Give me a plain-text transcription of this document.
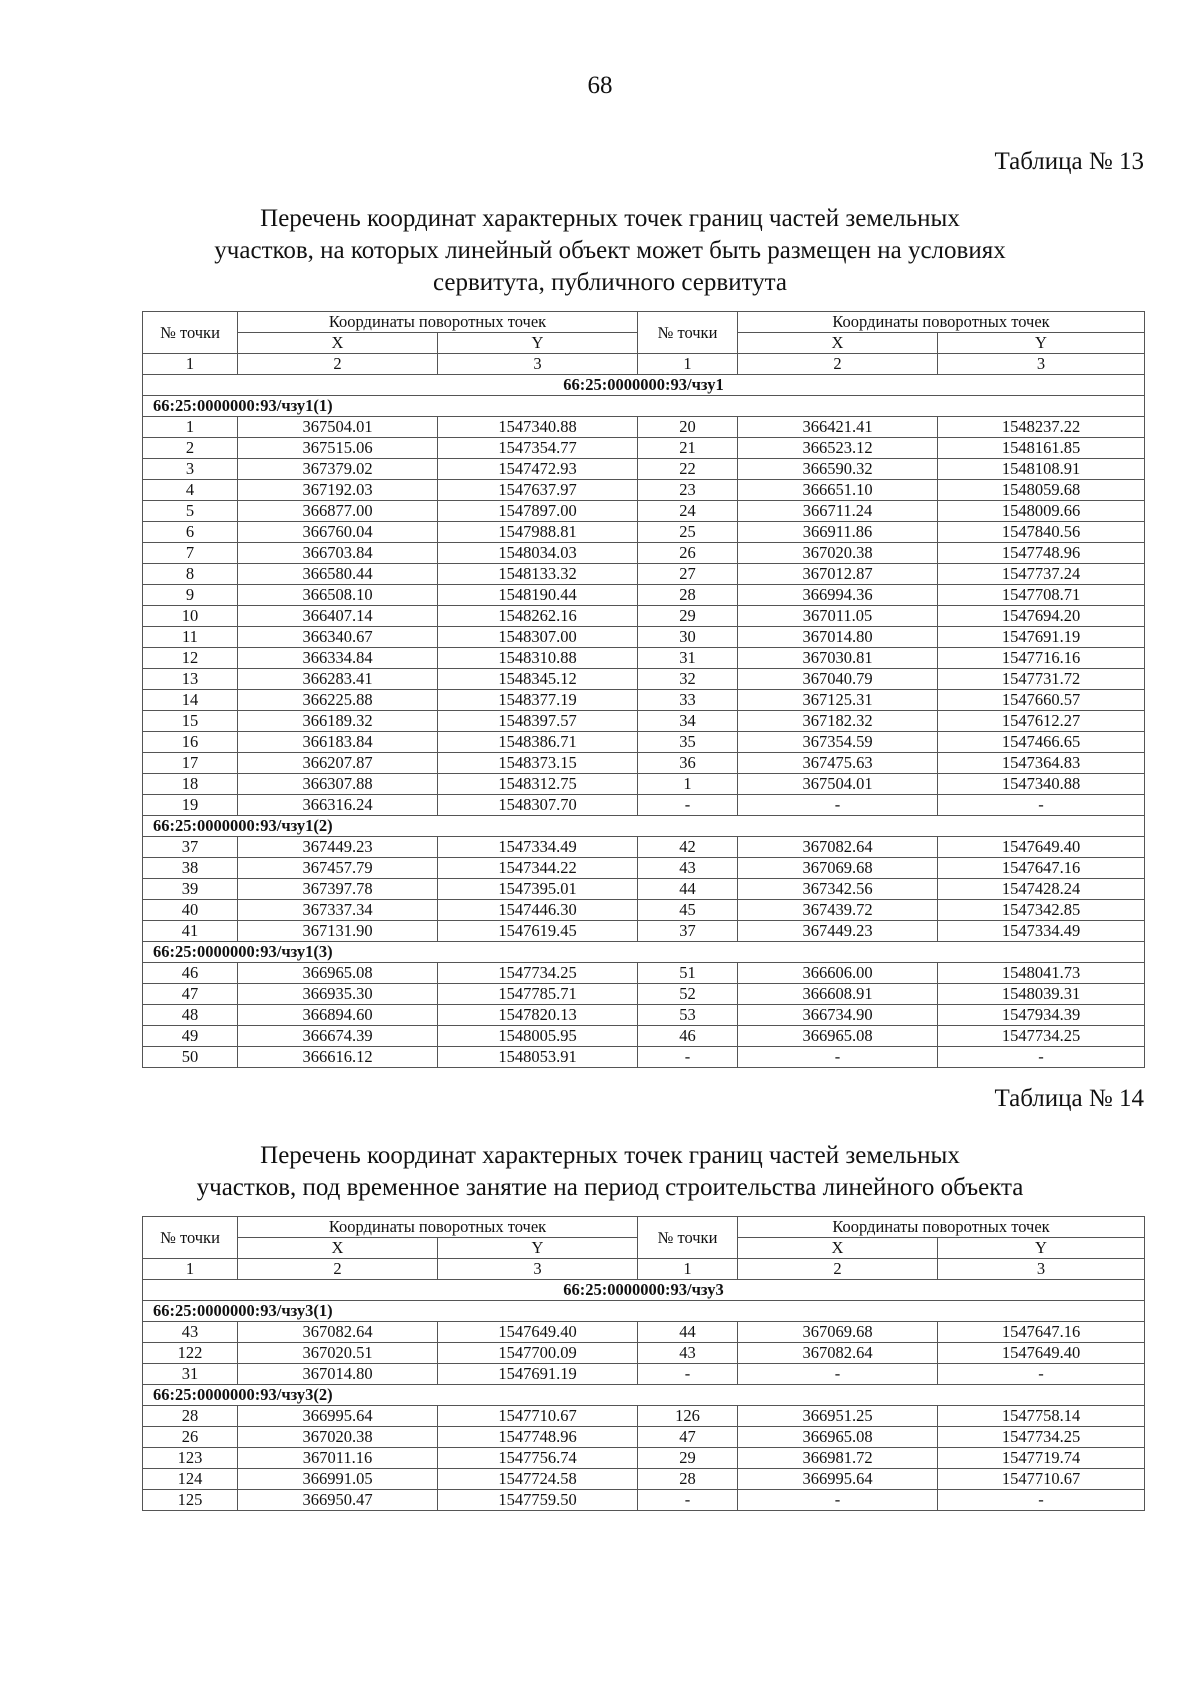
68
Таблица № 13
Перечень координат характерных точек границ частей земельных
участков, на которых линейный объект может быть размещен на условиях
сервитута, публичного сервитута
№ точки	Координаты поворотных точек		№ точки	Координаты поворотных точек	
	X	Y		X	Y
1	2	3	1	2	3
66:25:0000000:93/чзу1					
66:25:0000000:93/чзу1(1)					
1	367504.01	1547340.88	20	366421.41	1548237.22
2	367515.06	1547354.77	21	366523.12	1548161.85
3	367379.02	1547472.93	22	366590.32	1548108.91
4	367192.03	1547637.97	23	366651.10	1548059.68
5	366877.00	1547897.00	24	366711.24	1548009.66
6	366760.04	1547988.81	25	366911.86	1547840.56
7	366703.84	1548034.03	26	367020.38	1547748.96
8	366580.44	1548133.32	27	367012.87	1547737.24
9	366508.10	1548190.44	28	366994.36	1547708.71
10	366407.14	1548262.16	29	367011.05	1547694.20
11	366340.67	1548307.00	30	367014.80	1547691.19
12	366334.84	1548310.88	31	367030.81	1547716.16
13	366283.41	1548345.12	32	367040.79	1547731.72
14	366225.88	1548377.19	33	367125.31	1547660.57
15	366189.32	1548397.57	34	367182.32	1547612.27
16	366183.84	1548386.71	35	367354.59	1547466.65
17	366207.87	1548373.15	36	367475.63	1547364.83
18	366307.88	1548312.75	1	367504.01	1547340.88
19	366316.24	1548307.70	-	-	-
66:25:0000000:93/чзу1(2)					
37	367449.23	1547334.49	42	367082.64	1547649.40
38	367457.79	1547344.22	43	367069.68	1547647.16
39	367397.78	1547395.01	44	367342.56	1547428.24
40	367337.34	1547446.30	45	367439.72	1547342.85
41	367131.90	1547619.45	37	367449.23	1547334.49
66:25:0000000:93/чзу1(3)					
46	366965.08	1547734.25	51	366606.00	1548041.73
47	366935.30	1547785.71	52	366608.91	1548039.31
48	366894.60	1547820.13	53	366734.90	1547934.39
49	366674.39	1548005.95	46	366965.08	1547734.25
50	366616.12	1548053.91	-	-	-
Таблица № 14
Перечень координат характерных точек границ частей земельных
участков, под временное занятие на период строительства линейного объекта
№ точки	Координаты поворотных точек		№ точки	Координаты поворотных точек	
	X	Y		X	Y
1	2	3	1	2	3
66:25:0000000:93/чзу3					
66:25:0000000:93/чзу3(1)					
43	367082.64	1547649.40	44	367069.68	1547647.16
122	367020.51	1547700.09	43	367082.64	1547649.40
31	367014.80	1547691.19	-	-	-
66:25:0000000:93/чзу3(2)					
28	366995.64	1547710.67	126	366951.25	1547758.14
26	367020.38	1547748.96	47	366965.08	1547734.25
123	367011.16	1547756.74	29	366981.72	1547719.74
124	366991.05	1547724.58	28	366995.64	1547710.67
125	366950.47	1547759.50	-	-	-
